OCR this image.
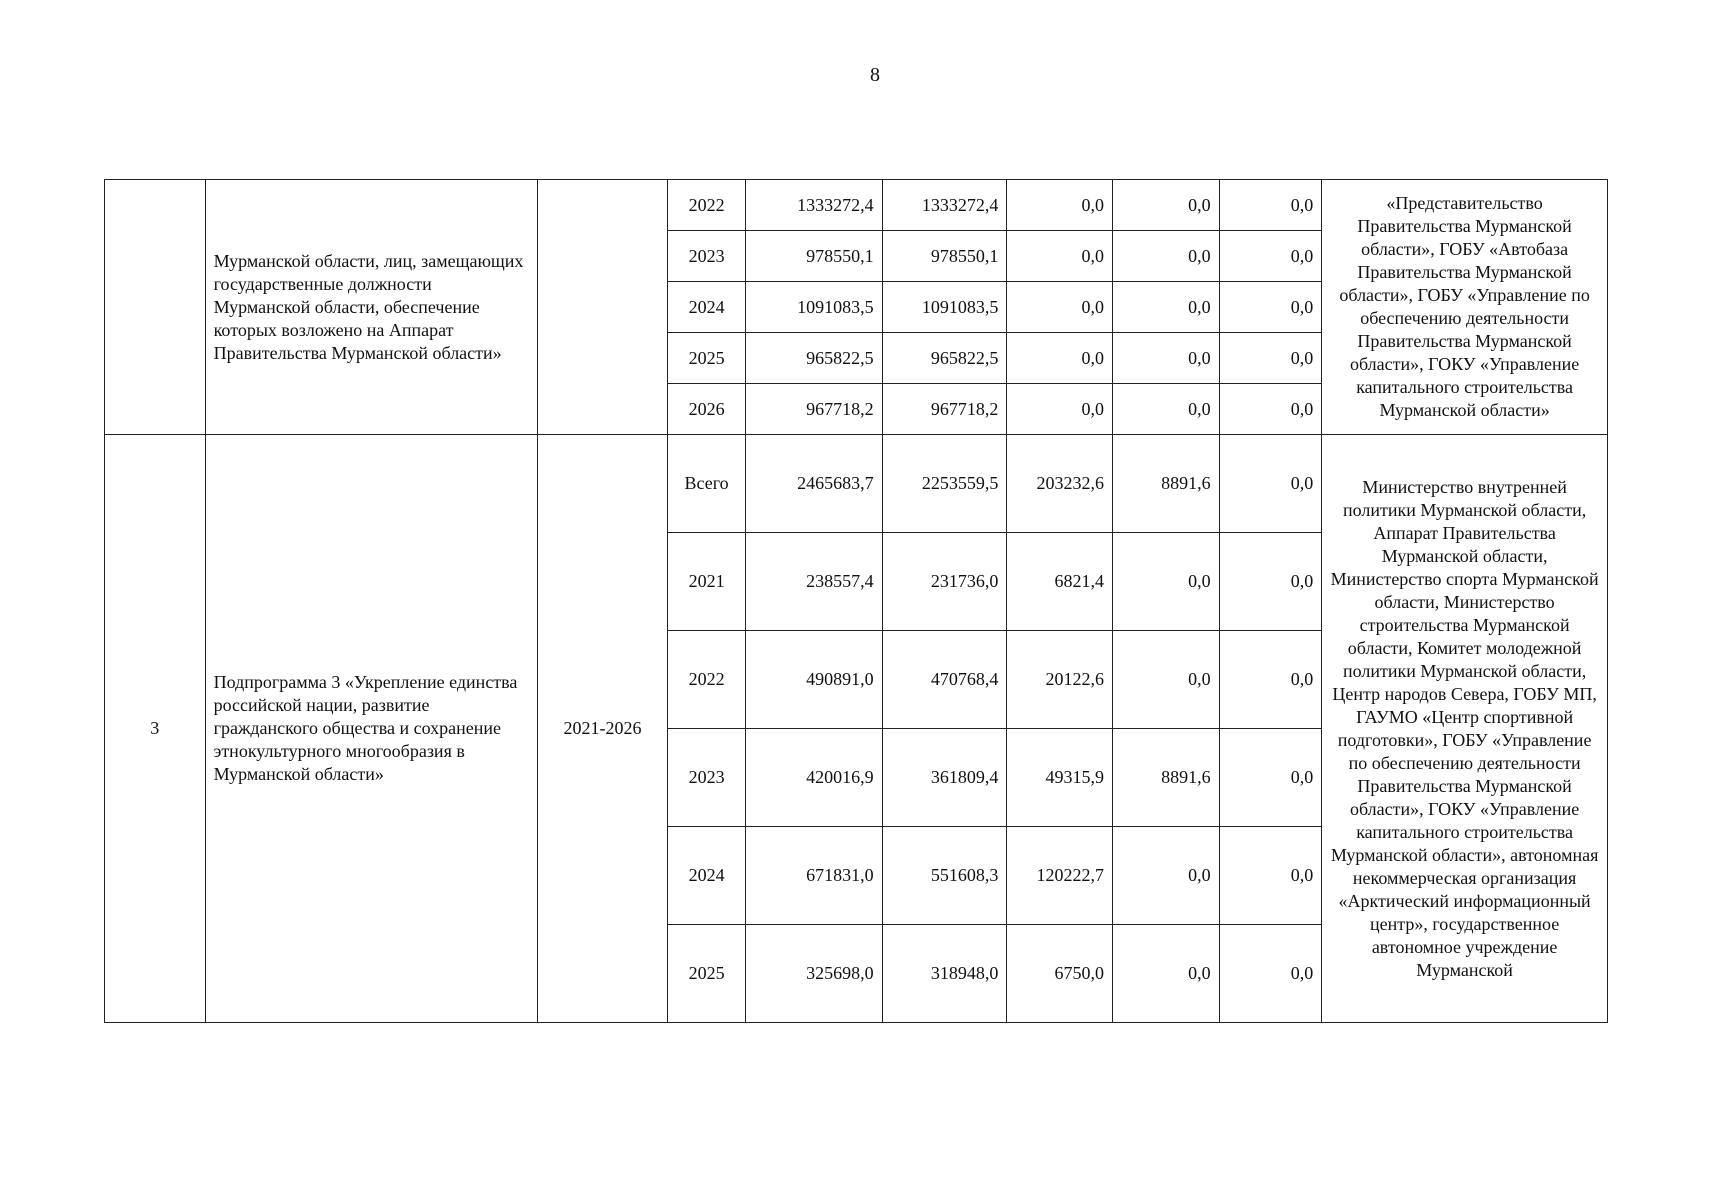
8
	Мурманской области, лиц, замещающих государственные должности Мурманской области, обеспечение которых возложено на Аппарат Правительства Мурманской области»		2022	1333272,4	1333272,4	0,0	0,0	0,0	«Представительство Правительства Мурманской области», ГОБУ «Автобаза Правительства Мурманской области», ГОБУ «Управление по обеспечению деятельности Правительства Мурманской области», ГОКУ «Управление капитального строительства Мурманской области»
			2023	978550,1	978550,1	0,0	0,0	0,0	
			2024	1091083,5	1091083,5	0,0	0,0	0,0	
			2025	965822,5	965822,5	0,0	0,0	0,0	
			2026	967718,2	967718,2	0,0	0,0	0,0	
3	Подпрограмма 3 «Укрепление единства российской нации, развитие гражданского общества и сохранение этнокультурного многообразия в Мурманской области»	2021-2026	Всего	2465683,7	2253559,5	203232,6	8891,6	0,0	Министерство внутренней политики Мурманской области, Аппарат Правительства Мурманской области, Министерство спорта Мурманской области, Министерство строительства Мурманской области, Комитет молодежной политики Мурманской области, Центр народов Севера, ГОБУ МП, ГАУМО «Центр спортивной подготовки», ГОБУ «Управление по обеспечению деятельности Правительства Мурманской области», ГОКУ «Управление капитального строительства Мурманской области», автономная некоммерческая организация «Арктический информационный центр», государственное автономное учреждение Мурманской
			2021	238557,4	231736,0	6821,4	0,0	0,0	
			2022	490891,0	470768,4	20122,6	0,0	0,0	
			2023	420016,9	361809,4	49315,9	8891,6	0,0	
			2024	671831,0	551608,3	120222,7	0,0	0,0	
			2025	325698,0	318948,0	6750,0	0,0	0,0	
